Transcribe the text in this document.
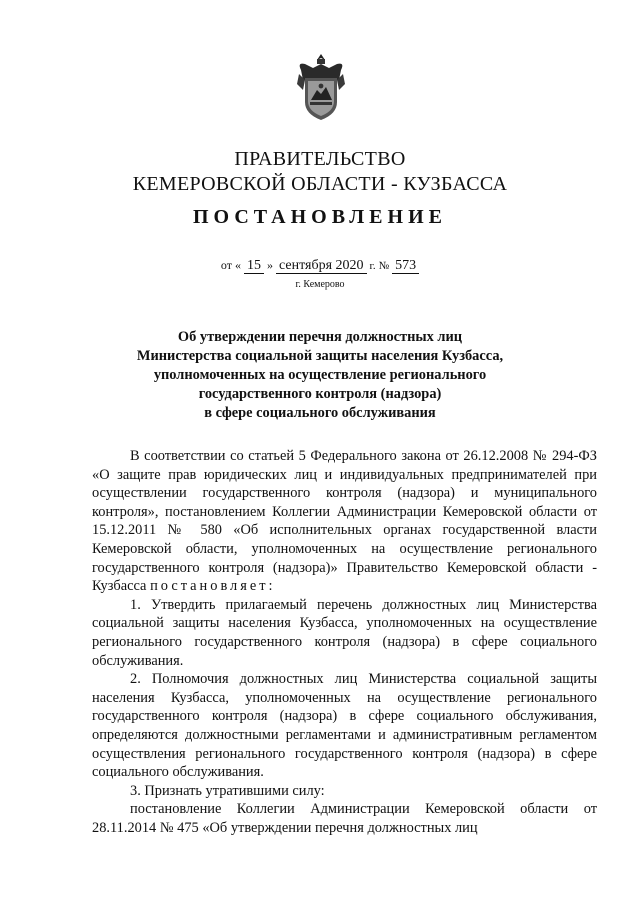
ПРАВИТЕЛЬСТВО
КЕМЕРОВСКОЙ ОБЛАСТИ - КУЗБАССА
ПОСТАНОВЛЕНИЕ
от « 15 » сентября 2020 г. № 573
г. Кемерово
Об утверждении перечня должностных лиц
Министерства социальной защиты населения Кузбасса,
уполномоченных на осуществление регионального
государственного контроля (надзора)
в сфере социального обслуживания

В соответствии со статьей 5 Федерального закона от 26.12.2008 № 294-ФЗ «О защите прав юридических лиц и индивидуальных предпринимателей при осуществлении государственного контроля (надзора) и муниципального контроля», постановлением Коллегии Администрации Кемеровской области от 15.12.2011 № 580 «Об исполнительных органах государственной власти Кемеровской области, уполномоченных на осуществление регионального государственного контроля (надзора)» Правительство Кемеровской области - Кузбасса постановляет:

1. Утвердить прилагаемый перечень должностных лиц Министерства социальной защиты населения Кузбасса, уполномоченных на осуществление регионального государственного контроля (надзора) в сфере социального обслуживания.

2. Полномочия должностных лиц Министерства социальной защиты населения Кузбасса, уполномоченных на осуществление регионального государственного контроля (надзора) в сфере социального обслуживания, определяются должностными регламентами и административным регламентом осуществления регионального государственного контроля (надзора) в сфере социального обслуживания.

3. Признать утратившими силу:

постановление Коллегии Администрации Кемеровской области от 28.11.2014 № 475 «Об утверждении перечня должностных лиц
